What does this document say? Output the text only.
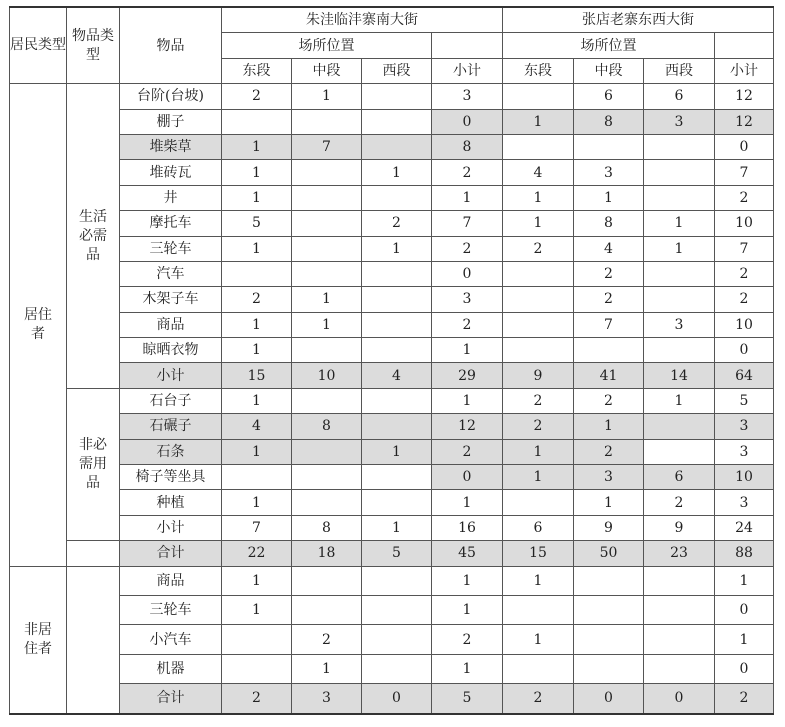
居民类型	物品类型	物品	朱洼临沣寨南大街				张店老寨东西大街			
			场所位置				场所位置			
			东段	中段	西段	小计	东段	中段	西段	小计
居住者	生活必需品	台阶(台坡)	2	1		3		6	6	12
		棚子				0	1	8	3	12
		堆柴草	1	7		8				0
		堆砖瓦	1		1	2	4	3		7
		井	1			1	1	1		2
		摩托车	5		2	7	1	8	1	10
		三轮车	1		1	2	2	4	1	7
		汽车				0		2		2
		木架子车	2	1		3		2		2
		商品	1	1		2		7	3	10
		晾晒衣物	1			1				0
		小计	15	10	4	29	9	41	14	64
	非必需用品	石台子	1			1	2	2	1	5
		石碾子	4	8		12	2	1		3
		石条	1		1	2	1	2		3
		椅子等坐具				0	1	3	6	10
		种植	1			1		1	2	3
		小计	7	8	1	16	6	9	9	24
		合计	22	18	5	45	15	50	23	88
非居住者		商品	1			1	1			1
		三轮车	1			1				0
		小汽车		2		2	1			1
		机器		1		1				0
		合计	2	3	0	5	2	0	0	2
